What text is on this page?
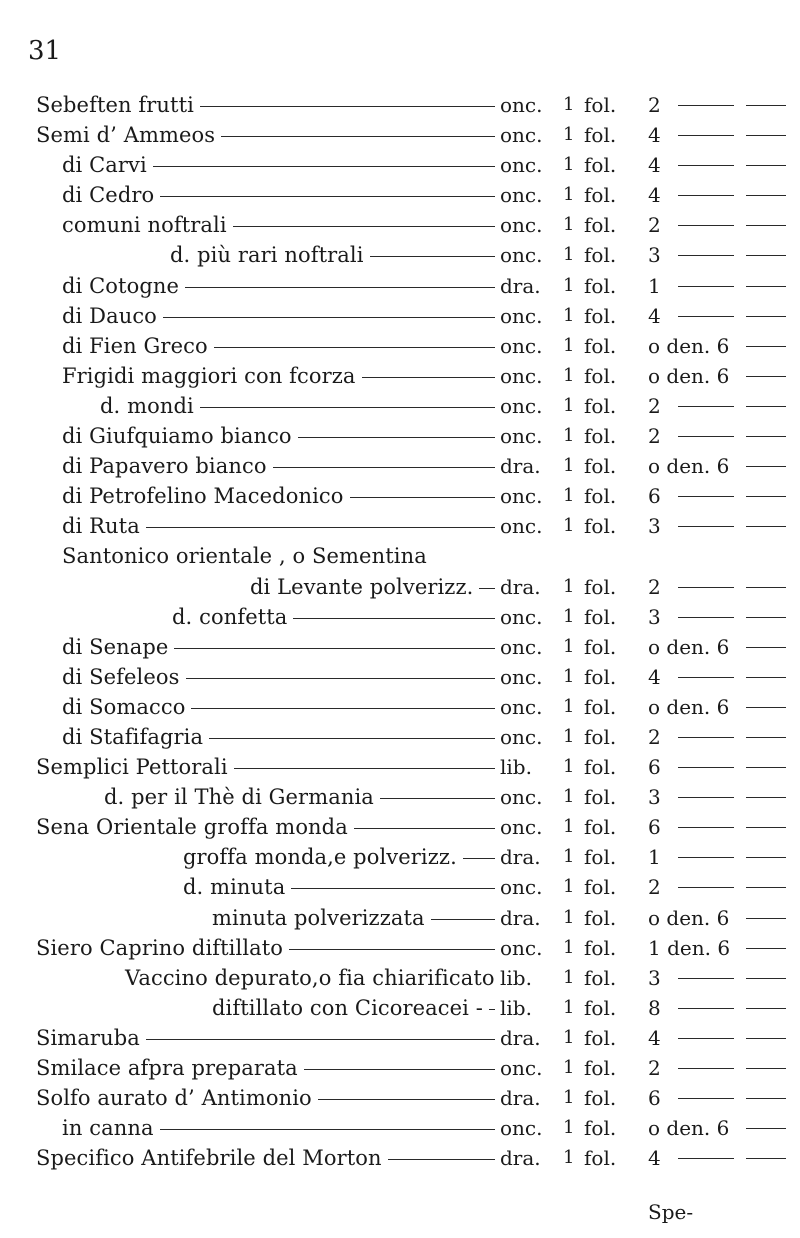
31
Sebeften frutti	onc. 1 fol. 2
Semi d’ Ammeos	onc. 1 fol. 4
di Carvi	onc. 1 fol. 4
di Cedro	onc. 1 fol. 4
comuni noftrali	onc. 1 fol. 2
d. più rari noftrali	onc. 1 fol. 3
di Cotogne	dra. 1 fol. 1
di Dauco	onc. 1 fol. 4
di Fien Greco	onc. 1 fol. o den. 6
Frigidi maggiori con fcorza	onc. 1 fol. o den. 6
d. mondi	onc. 1 fol. 2
di Giufquiamo bianco	onc. 1 fol. 2
di Papavero bianco	dra. 1 fol. o den. 6
di Petrofelino Macedonico	onc. 1 fol. 6
di Ruta	onc. 1 fol. 3
Santonico orientale , o Sementina
di Levante polverizz. dra. 1 fol. 2
d. confetta	onc. 1 fol. 3
di Senape	onc. 1 fol. o den. 6
di Sefeleos	onc. 1 fol. 4
di Somacco	onc. 1 fol. o den. 6
di Stafifagria	onc. 1 fol. 2
Semplici Pettorali	lib. 1 fol. 6
d. per il Thè di Germania	onc. 1 fol. 3
Sena Orientale groffa monda	onc. 1 fol. 6
groffa monda,e polverizz. dra. 1 fol. 1
d. minuta	onc. 1 fol. 2
minuta polverizzata	dra. 1 fol. o den. 6
Siero Caprino diftillato	onc. 1 fol. 1 den. 6
Vaccino depurato,o fia chiarificato lib. 1 fol. 3
diftillato con Cicoreacei - lib. 1 fol. 8
Simaruba	dra. 1 fol. 4
Smilace afpra preparata	onc. 1 fol. 2
Solfo aurato d’ Antimonio	dra. 1 fol. 6
in canna	onc. 1 fol. o den. 6
Specifico Antifebrile del Morton	dra. 1 fol. 4
Spe-
